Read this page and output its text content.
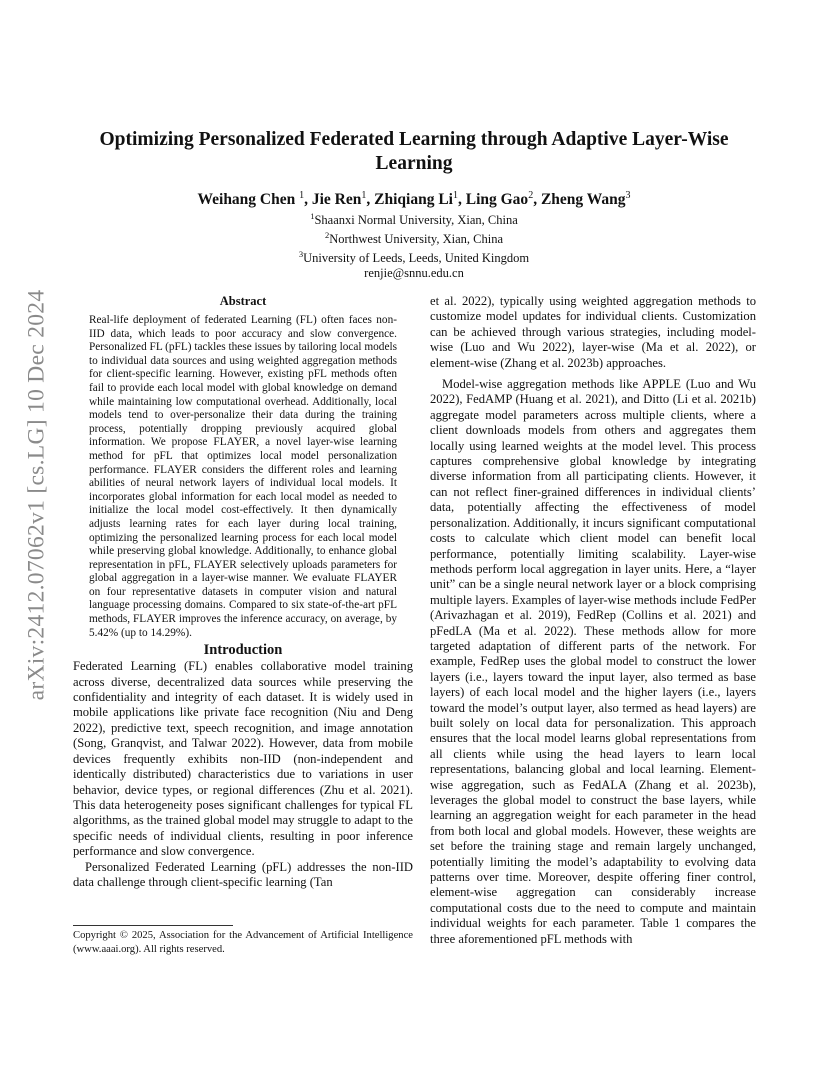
arXiv:2412.07062v1 [cs.LG] 10 Dec 2024
Optimizing Personalized Federated Learning through Adaptive Layer-Wise Learning
Weihang Chen $^1$, Jie Ren$^1$, Zhiqiang Li$^1$, Ling Gao$^2$, Zheng Wang$^3$
$^1$Shaanxi Normal University, Xian, China
$^2$Northwest University, Xian, China
$^3$University of Leeds, Leeds, United Kingdom
renjie@snnu.edu.cn
Abstract

Real-life deployment of federated Learning (FL) often faces non-IID data, which leads to poor accuracy and slow convergence. Personalized FL (pFL) tackles these issues by tailoring local models to individual data sources and using weighted aggregation methods for client-specific learning. However, existing pFL methods often fail to provide each local model with global knowledge on demand while maintaining low computational overhead. Additionally, local models tend to over-personalize their data during the training process, potentially dropping previously acquired global information. We propose FLAYER, a novel layer-wise learning method for pFL that optimizes local model personalization performance. FLAYER considers the different roles and learning abilities of neural network layers of individual local models. It incorporates global information for each local model as needed to initialize the local model cost-effectively. It then dynamically adjusts learning rates for each layer during local training, optimizing the personalized learning process for each local model while preserving global knowledge. Additionally, to enhance global representation in pFL, FLAYER selectively uploads parameters for global aggregation in a layer-wise manner. We evaluate FLAYER on four representative datasets in computer vision and natural language processing domains. Compared to six state-of-the-art pFL methods, FLAYER improves the inference accuracy, on average, by 5.42% (up to 14.29%).

Introduction

Federated Learning (FL) enables collaborative model training across diverse, decentralized data sources while preserving the confidentiality and integrity of each dataset. It is widely used in mobile applications like private face recognition (Niu and Deng 2022), predictive text, speech recognition, and image annotation (Song, Granqvist, and Talwar 2022). However, data from mobile devices frequently exhibits non-IID (non-independent and identically distributed) characteristics due to variations in user behavior, device types, or regional differences (Zhu et al. 2021). This data heterogeneity poses significant challenges for typical FL algorithms, as the trained global model may struggle to adapt to the specific needs of individual clients, resulting in poor inference performance and slow convergence.

Personalized Federated Learning (pFL) addresses the non-IID data challenge through client-specific learning (Tan

et al. 2022), typically using weighted aggregation methods to customize model updates for individual clients. Customization can be achieved through various strategies, including model-wise (Luo and Wu 2022), layer-wise (Ma et al. 2022), or element-wise (Zhang et al. 2023b) approaches.

Model-wise aggregation methods like APPLE (Luo and Wu 2022), FedAMP (Huang et al. 2021), and Ditto (Li et al. 2021b) aggregate model parameters across multiple clients, where a client downloads models from others and aggregates them locally using learned weights at the model level. This process captures comprehensive global knowledge by integrating diverse information from all participating clients. However, it can not reflect finer-grained differences in individual clients’ data, potentially affecting the effectiveness of model personalization. Additionally, it incurs significant computational costs to calculate which client model can benefit local performance, potentially limiting scalability. Layer-wise methods perform local aggregation in layer units. Here, a “layer unit” can be a single neural network layer or a block comprising multiple layers. Examples of layer-wise methods include FedPer (Arivazhagan et al. 2019), FedRep (Collins et al. 2021) and pFedLA (Ma et al. 2022). These methods allow for more targeted adaptation of different parts of the network. For example, FedRep uses the global model to construct the lower layers (i.e., layers toward the input layer, also termed as base layers) of each local model and the higher layers (i.e., layers toward the model’s output layer, also termed as head layers) are built solely on local data for personalization. This approach ensures that the local model learns global representations from all clients while using the head layers to learn local representations, balancing global and local learning. Element-wise aggregation, such as FedALA (Zhang et al. 2023b), leverages the global model to construct the base layers, while learning an aggregation weight for each parameter in the head from both local and global models. However, these weights are set before the training stage and remain largely unchanged, potentially limiting the model’s adaptability to evolving data patterns over time. Moreover, despite offering finer control, element-wise aggregation can considerably increase computational costs due to the need to compute and maintain individual weights for each parameter. Table 1 compares the three aforementioned pFL methods with

Copyright © 2025, Association for the Advancement of Artificial Intelligence (www.aaai.org). All rights reserved.
